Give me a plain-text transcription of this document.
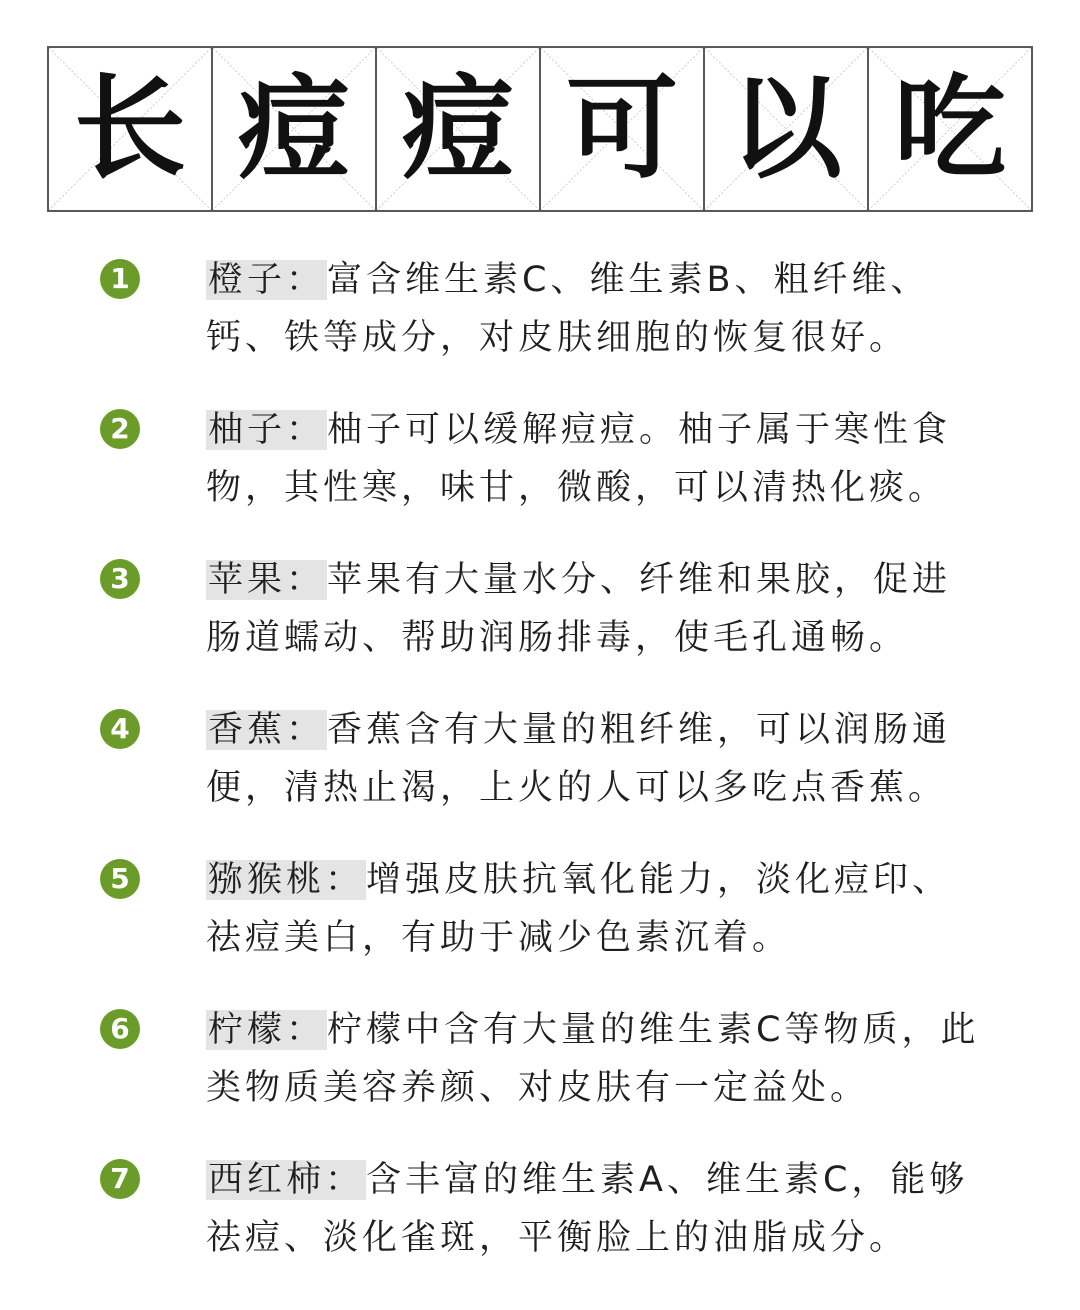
长 痘 痘 可 以 吃
1 橙子：富含维生素C、维生素B、粗纤维、钙、铁等成分，对皮肤细胞的恢复很好。
2 柚子：柚子可以缓解痘痘。柚子属于寒性食物，其性寒，味甘，微酸，可以清热化痰。
3 苹果：苹果有大量水分、纤维和果胶，促进肠道蠕动、帮助润肠排毒，使毛孔通畅。
4 香蕉：香蕉含有大量的粗纤维，可以润肠通便，清热止渴，上火的人可以多吃点香蕉。
5 猕猴桃：增强皮肤抗氧化能力，淡化痘印、祛痘美白，有助于减少色素沉着。
6 柠檬：柠檬中含有大量的维生素C等物质，此类物质美容养颜、对皮肤有一定益处。
7 西红柿：含丰富的维生素A、维生素C，能够祛痘、淡化雀斑，平衡脸上的油脂成分。
